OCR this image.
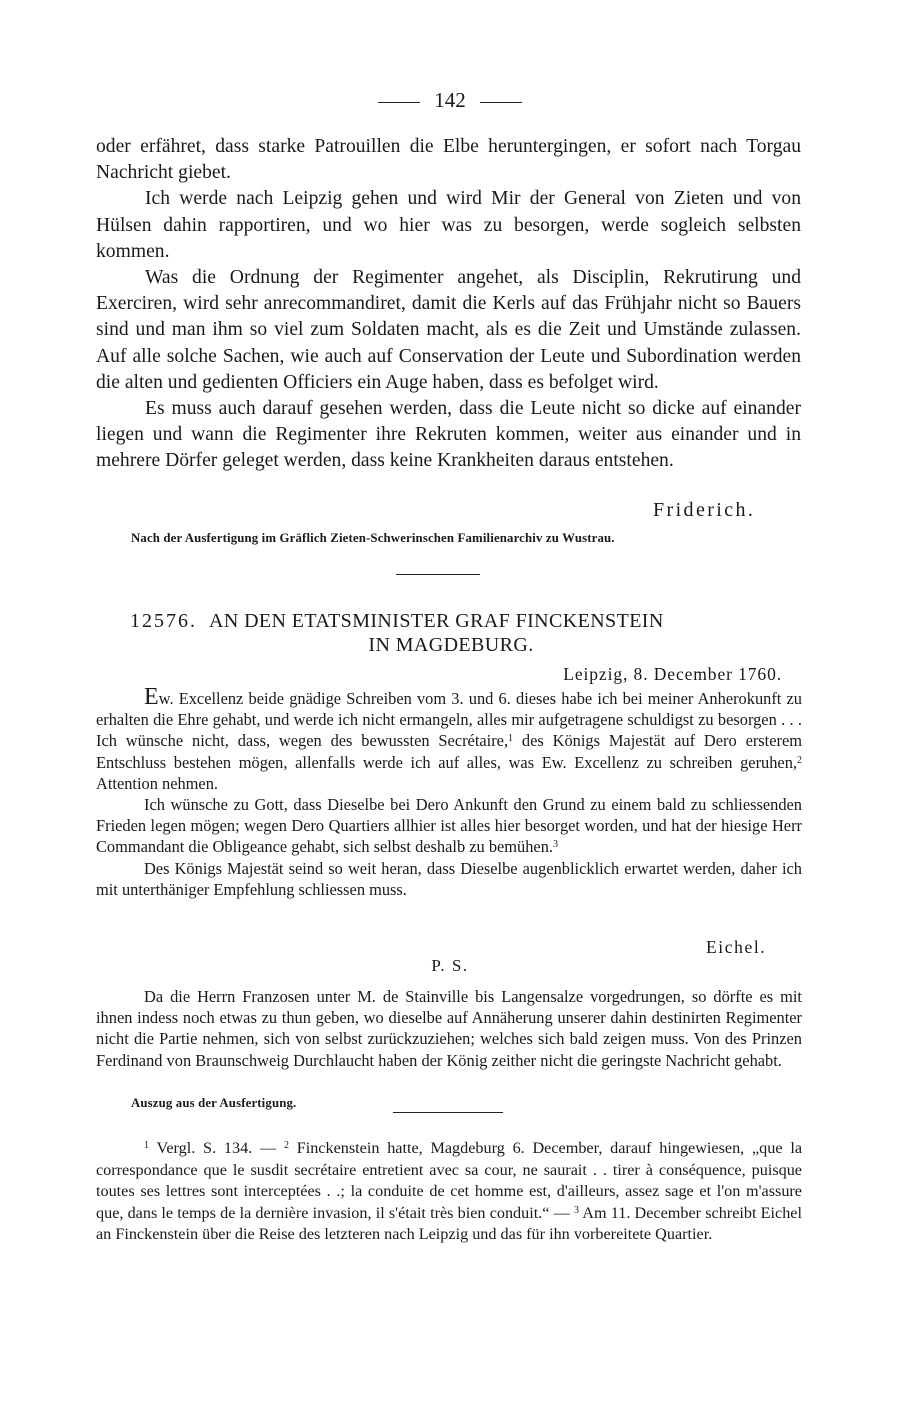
142

oder erfähret, dass starke Patrouillen die Elbe heruntergingen, er sofort nach Torgau Nachricht giebet.

Ich werde nach Leipzig gehen und wird Mir der General von Zieten und von Hülsen dahin rapportiren, und wo hier was zu besorgen, werde sogleich selbsten kommen.

Was die Ordnung der Regimenter angehet, als Disciplin, Rekrutirung und Exerciren, wird sehr anrecommandiret, damit die Kerls auf das Frühjahr nicht so Bauers sind und man ihm so viel zum Soldaten macht, als es die Zeit und Umstände zulassen. Auf alle solche Sachen, wie auch auf Conservation der Leute und Subordination werden die alten und gedienten Officiers ein Auge haben, dass es befolget wird.

Es muss auch darauf gesehen werden, dass die Leute nicht so dicke auf einander liegen und wann die Regimenter ihre Rekruten kommen, weiter aus einander und in mehrere Dörfer geleget werden, dass keine Krankheiten daraus entstehen.

Friderich.
Nach der Ausfertigung im Gräflich Zieten-Schwerinschen Familienarchiv zu Wustrau.
12576. AN DEN ETATSMINISTER GRAF FINCKENSTEIN
IN MAGDEBURG.
Leipzig, 8. December 1760.

Ew. Excellenz beide gnädige Schreiben vom 3. und 6. dieses habe ich bei meiner Anherokunft zu erhalten die Ehre gehabt, und werde ich nicht ermangeln, alles mir aufgetragene schuldigst zu besorgen . . . Ich wünsche nicht, dass, wegen des bewussten Secrétaire,$^1$ des Königs Majestät auf Dero ersterem Entschluss bestehen mögen, allenfalls werde ich auf alles, was Ew. Excellenz zu schreiben geruhen,$^2$ Attention nehmen.

Ich wünsche zu Gott, dass Dieselbe bei Dero Ankunft den Grund zu einem bald zu schliessenden Frieden legen mögen; wegen Dero Quartiers allhier ist alles hier besorget worden, und hat der hiesige Herr Commandant die Obligeance gehabt, sich selbst deshalb zu bemühen.$^3$

Des Königs Majestät seind so weit heran, dass Dieselbe augenblicklich erwartet werden, daher ich mit unterthäniger Empfehlung schliessen muss.

Eichel.
P. S.

Da die Herrn Franzosen unter M. de Stainville bis Langensalze vorgedrungen, so dörfte es mit ihnen indess noch etwas zu thun geben, wo dieselbe auf Annäherung unserer dahin destinirten Regimenter nicht die Partie nehmen, sich von selbst zurückzuziehen; welches sich bald zeigen muss. Von des Prinzen Ferdinand von Braunschweig Durchlaucht haben der König zeither nicht die geringste Nachricht gehabt.

Auszug aus der Ausfertigung.

$^1$ Vergl. S. 134. — $^2$ Finckenstein hatte, Magdeburg 6. December, darauf hingewiesen, „que la correspondance que le susdit secrétaire entretient avec sa cour, ne saurait . . tirer à conséquence, puisque toutes ses lettres sont interceptées . .; la conduite de cet homme est, d'ailleurs, assez sage et l'on m'assure que, dans le temps de la dernière invasion, il s'était très bien conduit.“ — $^3$ Am 11. December schreibt Eichel an Finckenstein über die Reise des letzteren nach Leipzig und das für ihn vorbereitete Quartier.
